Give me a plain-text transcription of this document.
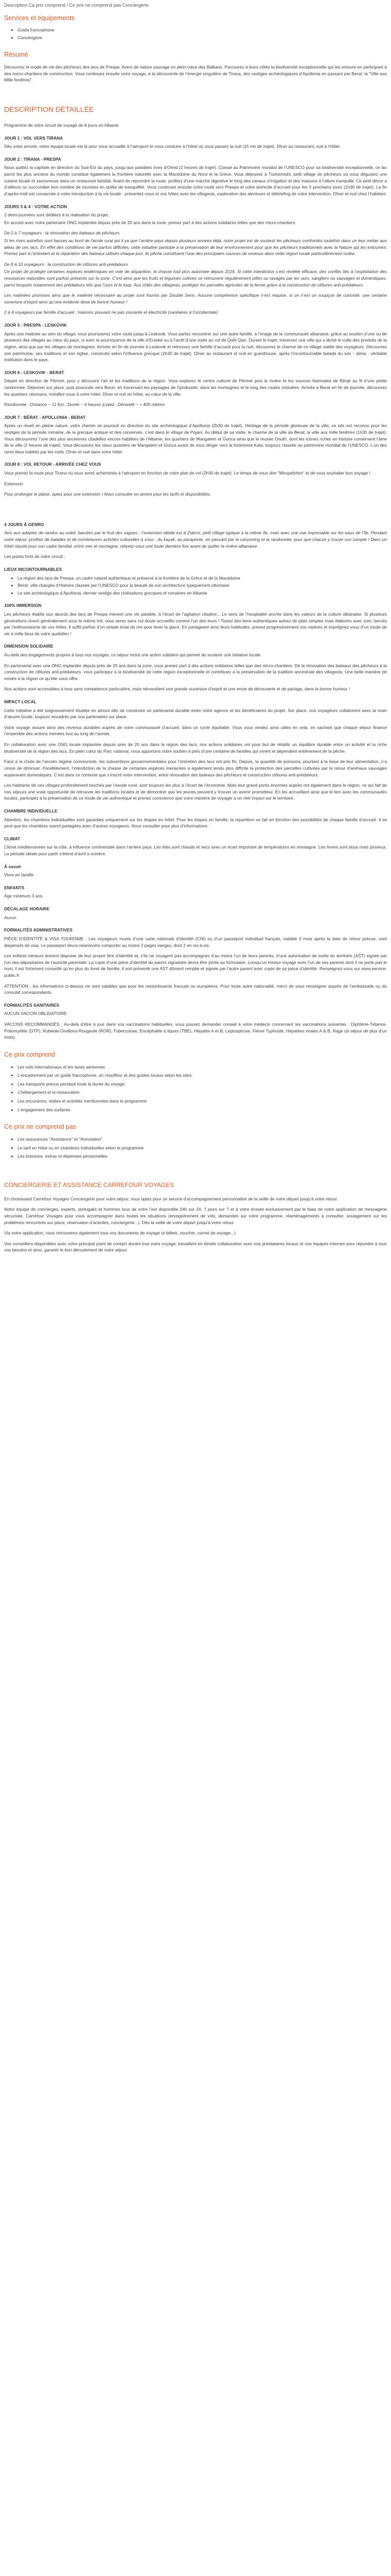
Description Ca prix comprend / Ce prix ne comprend pas Conciergerie
Services et équipements
• Guide francophone
• Conciergerie
Résumé

Découvrez le mode de vie des pêcheurs des lacs de Prespa. Avers de nature sauvage en plein cœur des Balkans. Parcourez à leurs côtés la biodiversité exceptionnelle qui les entoure en participant à des micro-chantiers de construction. Vous continuez ensuite votre voyage, à la découverte de l’énergie singulière de Tirana, des vestiges archéologiques d’Apollonia en passant par Berat, la "Ville aux Mille fenêtres".

DESCRIPTION DÉTAILLÉE

Programme de votre circuit de voyage de 8 jours en Albanie

JOUR 1 : VOL VERS TIRANA

Dès votre arrivée, notre équipe locale est là pour vous accueillir à l’aéroport et vous conduire à l’hôtel où vous passez la nuit (15 mn de trajet). Dîner au restaurant, nuit à l’hôtel.

JOUR 2 : TIRANA - PRESPA

Nous quittez la capitale en direction du Sud-Est du pays, jusqu’aux paisibles rives d’Ohrid (2 heures de trajet). Classé au Patrimoine mondial de l’UNESCO pour sa biodiversité exceptionnelle, ce lac parmi les plus anciens du monde constitue également la frontière naturelle avec la Macédoine du Nord et la Grèce. Vous déjeunez à Tushemisht, petit village de pêcheurs où vous dégustez une cuisine locale et savoureuse dans un restaurant familial. Avant de reprendre la route, profitez d’une marche digestive le long des canaux d’irrigation et des maisons à l’allure tranquille. Ce petit décor a d’ailleurs su succomber bon nombre de touristes en quête de tranquillité. Vous continuez ensuite votre route vers Prespa et votre domicile d’accueil pour les 3 prochains jours (1h30 de trajet). La fin d’après-midi est consacrée à votre introduction à la vie locale : présentez-vous et vos hôtes avec les villageois, exploration des alentours et débriefing de votre intervention. Dîner et nuit chez l’habitant.

JOURS 3 & 4 : VOTRE ACTION

2 demi-journées sont dédiées à la réalisation du projet.

En accord avec notre partenaire ONG implantée depuis près de 20 ans dans la zone, prenez part à des actions solidaires telles que des micro-chantiers.

De 2 à 7 voyageurs : la rénovation des bateaux de pêcheurs

Si les rives autrefois sont basses au bord de l’école rural qui il ya que l’arrière-pays depuis plusieurs années déjà, notre projet est de soutenir les pêcheurs confrontés toutefois dans un leur métier aux aléas de ces lacs. En effet des conditions de vie parfois difficiles, cette initiative participe à la préservation de leur environnement pour que les pêcheurs traditionnels avec la Nature qui les entourent. Prenez part à l’entretien et la réparation des bateaux utilisés chaque jour, ils pêche constituent l’une des principales sources de revenus dans cette région rurale particulièrement isolée.

De 8 à 10 voyageurs : la construction de clôtures anti-prédateurs

Ce projet de protéger certaines espèces endémiques en voie de disparition, la chasse tout plus autorisée depuis 2016. Si cette interdiction s’est révélée efficace, des conflits liés à l’exploitation des ressources naturelles sont parfois présents sur la zone. C’est ainsi que les fruits et légumes cultivés se retrouvent régulièrement pillés ou ravagés par les ours, sangliers ou sauvages et domestiques, parmi lesquels notamment des prédateurs tels que l’ours et le loup. Aux côtés des villageois, protégez les parcelles agricoles de la ferme grâce à la construction de clôtures anti-prédateurs.

Les matinées promises ainsi que le matériel nécessaire au projet sont fournis par Double Sens. Aucune compétence spécifique n’est requise, si ce n’est un soupçon de curiosité, une certaine ouverture d’esprit ainsi qu’une évidente dose de bonne humeur !

2 à 4 voyageurs par famille d’accueil : maisons pouvant ne pas courante et électricité (sanitaires à l’occidentale)

JOUR 5 : PRESPA - LESKOVIK

Après une matinée au sein du village, vous poursuivrez votre route jusqu’à Leskovik. Vous partez rencontrer sur une autre famille, à l’image de la communauté albanaise, grâce au soutien d’une ou de plusieurs des villages au cœur du pays, si avec la pourvoyance de la ville d’Ersekë ou à l’arrêt d’une visite au col de Qafë Qarr. Durant le trajet, traversez une ville qui a lâché le culte des produits de la région, ainsi que par les villages de montagnes. Arrivée en fin de journée à Leskovik et retrouvez une famille d’accueil pour la nuit, découvrez le charme de ce village oublié des voyageurs. Découvrez son patrimoine, ses traditions et son église, construite selon l’influence grecque (2h30 de trajet). Dîner au restaurant et nuit en guesthouse, après l’incontournable balade du soir - slima - véritable institution dans le pays.

JOUR 6 : LESKOVIK - BERAT

Départ en direction de Përmet, pour y découvrir l’art et les traditions de la région. Vous explorez le centre culturel de Përmet puis la rivière et les sources thermales de Bënjë au fil d’une petite randonnée. Déjeuner sur place, puis poursuite vers Berat, en traversant les paysages de Gjirokastër, dans les montagnes et le long des routes ondulées. Arrivée à Berat en fin de journée, découvrez les quartiers ottomans, installez-vous à votre hôtel. Dîner et nuit en hôtel, au cœur de la ville.

Randonnée : Distance ~ 11 Km ; Durée ~ 4 heures à pied ; Dénivelé ~ + 400 mètres

JOUR 7 : BÉRAT - APOLLONIA - BERAT

Après un réveil en pleine nature, votre chemin se poursuit en direction du site archéologique d’Apollonia (2h30 de trajet). Héritage de la période glorieuse de la ville, ce site est reconnu pour les vestiges de la période romaine, de la grecque antique et des conservés, c’est dans le village de Pojani. Au début de sa visite, le charme de la ville de Berat, la ville aux mille fenêtres (1h30 de trajet). Vous découvrirez l’une des plus anciennes citadelles encore habitées de l’Albanie, les quartiers de Mangalem et Gorica ainsi que le musée Onufri, dont les icônes riches en histoire conservent l’âme de la ville (2 heures de trajet). Vous découvrez les vieux quartiers de Mangalem et Gorica avant de vous diriger vers la forteresse Kala, toujours classée au patrimoine mondial de l’UNESCO. L’un des rares lieux habités par les civils. Dîner et nuit dans votre hôtel.

JOUR 8 : VOL RETOUR - ARRIVÉE CHEZ VOUS

Vous prenez la route pour Tirana où vous serez acheminés à l’aéroport en fonction de votre plan de vol (2h30 de trajet). Le temps de vous dire "Mirupafshim" et de vous souhaiter bon voyage !

Extension

Pour prolonger le plaisir, optez pour une extension ! Nous consulter en amont pour les tarifs et disponibilités.

4 JOURS À GENRO

Avis aux adeptes de randos au soleil, barcées par le fruit des vagues : l’extension idéale est à Zvjerni, petit village typique à la même île, mais avec une vue imprenable sur les eaux de l’île. Pendant votre séjour, profitez de balades et de nombreuses activités culturelles à vous : du kayak, au parapente, en passant par la canyoning et la randonnée, pour que chacun y trouve son compte ! Dans un hôtel réputé pour son cadre familial, entre mer et montagne, relaxez-vous une toute dernière fois avant de quitter la rivière albanaise.

Les points forts de votre circuit :

LIEUX INCONTOURNABLES
• La région des lacs de Prespa, un cadre naturel authentique et préservé à la frontière de la Grèce et de la Macédoine
• Berat, ville chargée d’Histoire classée par l’UNESCO pour la beauté de son architecture typiquement ottomane
• Le site archéologique d’Apollonia, dernier vestige des civilisations grecques et romaines en Albanie
100% IMMERSION

Les pêcheurs établis aux abords des lacs de Prespa mènent une vie paisible, à l’écart de l’agitation citadine... Le sens de l’hospitalité ancrée dans les valeurs de la culture albanaise. Si plusieurs générations vivent généralement sous le même toit, vous serez sans nul doute accueillis comme l’un des leurs ! Tissez des liens authentiques autour de plats simples mais élaborés avec soin, bercés par l’enthousiasme de vos hôtes. Il suffit parfois d’un simple éclat de rire pour lever la glace. En partageant ainsi leurs habitudes, prenez progressivement vos repères et imprégnez-vous d’un mode de vie à mille lieux de votre quotidien !

DIMENSION SOLIDAIRE

Au-delà des engagements propres à tous nos voyages, ce séjour inclut une action solidaire qui permet de soutenir une initiative locale.

En partenariat avec une ONG implantée depuis près de 20 ans dans la zone, vous prenez part à des actions solidaires telles que des micro-chantiers. De la rénovation des bateaux des pêcheurs à la construction de clôtures anti-prédateurs, vous participez à la biodiversité de cette région exceptionnelle et contribuez à la préservation de la tradition ancestrale des villageois. Une belle manière de rendre à la région ce qu’elle vous offre.

Nos actions sont accessibles à tous sans compétence particulière, mais nécessitent une grande ouverture d’esprit et une envie de découverte et de partage, dans la bonne humeur !

IMPACT LOCAL

Cette initiative a été soigneusement étudiée en amont afin de construire un partenariat durable entre notre agence et les bénéficiaires du projet. Sur place, nos voyageurs collaborent avec la main d’œuvre locale, toujours encadrés par nos partenaires sur place.

Votre voyage assure ainsi des revenus durables auprès de votre communauté d’accueil, dans un cycle équitable. Vous vous rendez ainsi utiles en cela, en sachant que chaque séjour finance l’ensemble des actions menées tout au long de l’année.

En collaboration avec une ONG locale implantée depuis près de 20 ans dans la région des lacs, nos actions solidaires ont pour but de rétablir un équilibre durable entre un activité et la riche biodiversité de la région des lacs. En plein cœur du Parc national, nous apportons notre soutien à près d’une centaine de familles qui vivent et dépendent entièrement de la pêche.

Face à la chute de l’ancien régime communiste, les subventions gouvernementales pour l’entretien des lacs ont pris fin. Depuis, la quantité de poissons, pourtant à la base de leur alimentation, n’a cessé de diminuer. Parallèlement, l’interdiction de la chasse de certaines espèces menacées a également tendu plus difficile la protection des parcelles cultivées par le retour d’animaux sauvages auparavant domestiques. C’est dans ce contexte que s’inscrit notre intervention, entre rénovation des bateaux des pêcheurs et construction clôtures anti-prédateurs.

Les habitants de ces villages profondément touchés par l’exode rural, sont toujours les plus à l’écart de l’économie. Mais leur grand ponts énormes auprès ont également dans la région, ce qui fait de nos séjours une vraie opportunité de retrouver les traditions locales et de démontrer que les jeunes peuvent y trouver un avenir prometteur. En les accueillant ainsi que le lien avec les communautés locales, participez à la préservation de ce mode de vie authentique et prenez conscience que votre manière de voyager a un réel impact sur le territoire.

CHAMBRE INDIVIDUELLE

Attention, les chambres individuelles sont garanties uniquement sur les étapes en hôtel. Pour les étapes en famille, la répartition se fait en fonction des possibilités de chaque famille d’accueil. Il se peut que les chambres soient partagées avec d’autres voyageurs. Nous consulter pour plus d’informations.

CLIMAT

Climat méditerranéen sur la côte, à influence continentale dans l’arrière pays. Les étés sont chauds et secs avec un écart important de températures en montagne. Les hivers sont doux mais pluvieux. La période idéale pour partir s’étend d’avril à octobre.

À savoir

Vivre en famille

ENFANTS

Âge minimum 3 ans

DÉCALAGE HORAIRE

Aucun

FORMALITÉS ADMINISTRATIVES

PIÈCE D’IDENTITÉ & VISA TOURISME : Les voyageurs munis d’une carte nationale d’identité (CNI) ou d’un passeport individuel français, valable 3 mois après la date de retour prévue, sont dispensés de visa. Le passeport devra néanmoins comporter au moins 2 pages vierges, dont 2 en vis-à-vis.

Les enfants mineurs doivent disposer de leur propre titre d’identité et, s’ils ne voyagent pas accompagnés d’au moins l’un de leurs parents, d’une autorisation de sortie du territoire (AST) signée par l’un des dépositaires de l’autorité parentale. La copie d’une pièce d’identité du parent signataire devra être jointe au formulaire. Lorsqu’un mineur voyage avec l’un de ses parents dont il ne porte pas le nom, il est fortement conseillé qu’en plus du livret de famille, il soit présenté une AST dûment remplie et signée par l’autre parent avec copie de sa pièce d’identité. Renseignez-vous sur www.service-public.fr

ATTENTION : les informations ci-dessus ne sont valables que pour les ressortissants français ou européens. Pour toute autre nationalité, merci de vous renseigner auprès de l’ambassade ou du consulat correspondants.

FORMALITÉS SANITAIRES

AUCUN VACCIN OBLIGATOIRE

VACCINS RECOMMANDÉS : Au-delà d’être à jour dans vos vaccinations habituelles, vous pouvez demander conseil à votre médecin concernant les vaccinations suivantes : Diphtérie-Tétanos-Poliomyélite (DTP), Rubéole-Oreillons-Rougeole (ROR), Tuberculose, Encéphalite à tiques (TBE), Hépatite A et B, Leptospirose, Fièvre Typhoïde, Hépatites virales A & B, Rage (si séjour de plus d’un mois).

Ce prix comprend
• Les vols internationaux et les taxes aériennes
• L’encadrement par un guide francophone, un chauffeur et des guides locaux selon les sites
• Les transports prévus pendant toute la durée du voyage
• L’hébergement et la restauration
• Les excursions, visites et activités mentionnées dans le programme
• L’engagement des surfaces
Ce prix ne comprend pas
• Les assurances "Assistance" et "Annulation"
• Le tarif en hôtel ou en chambres individuelles selon le programme
• Les boissons, extras et dépenses personnelles
CONCIERGERIE ET ASSISTANCE CARREFOUR VOYAGES

En choisissant Carrefour Voyages Conciergerie pour votre séjour, vous optez pour un service d’accompagnement personnalisé de la veille de votre départ jusqu’à votre retour.

Notre équipe de concierges, experts, portugalis et hommes tous de votre l’est disponible 24h sur 24, 7 jours sur 7 et à votre écoute exclusivement par le biais de notre application de messagerie sécurisée. Carrefour Voyages pour vous accompagner dans toutes les situations (enregistrement de vols, demandes sur votre programme, réaménagements à consulter, soulagement sur les problèmes rencontrés sur place, réservation d’activités, conciergerie...). Dès la veille de votre départ jusqu’à votre retour.

Via notre application, vous retrouverez également tous vos documents de voyage (e-billets, voucher, carnet de voyage...)

Vos conseillers disponibles avec votre principal point de contact durant tout votre voyage, travaillent en étroite collaboration avec nos prestataires locaux et nos équipes internes pour répondre à tous vos besoins et ainsi, garantir le bon déroulement de votre séjour.
